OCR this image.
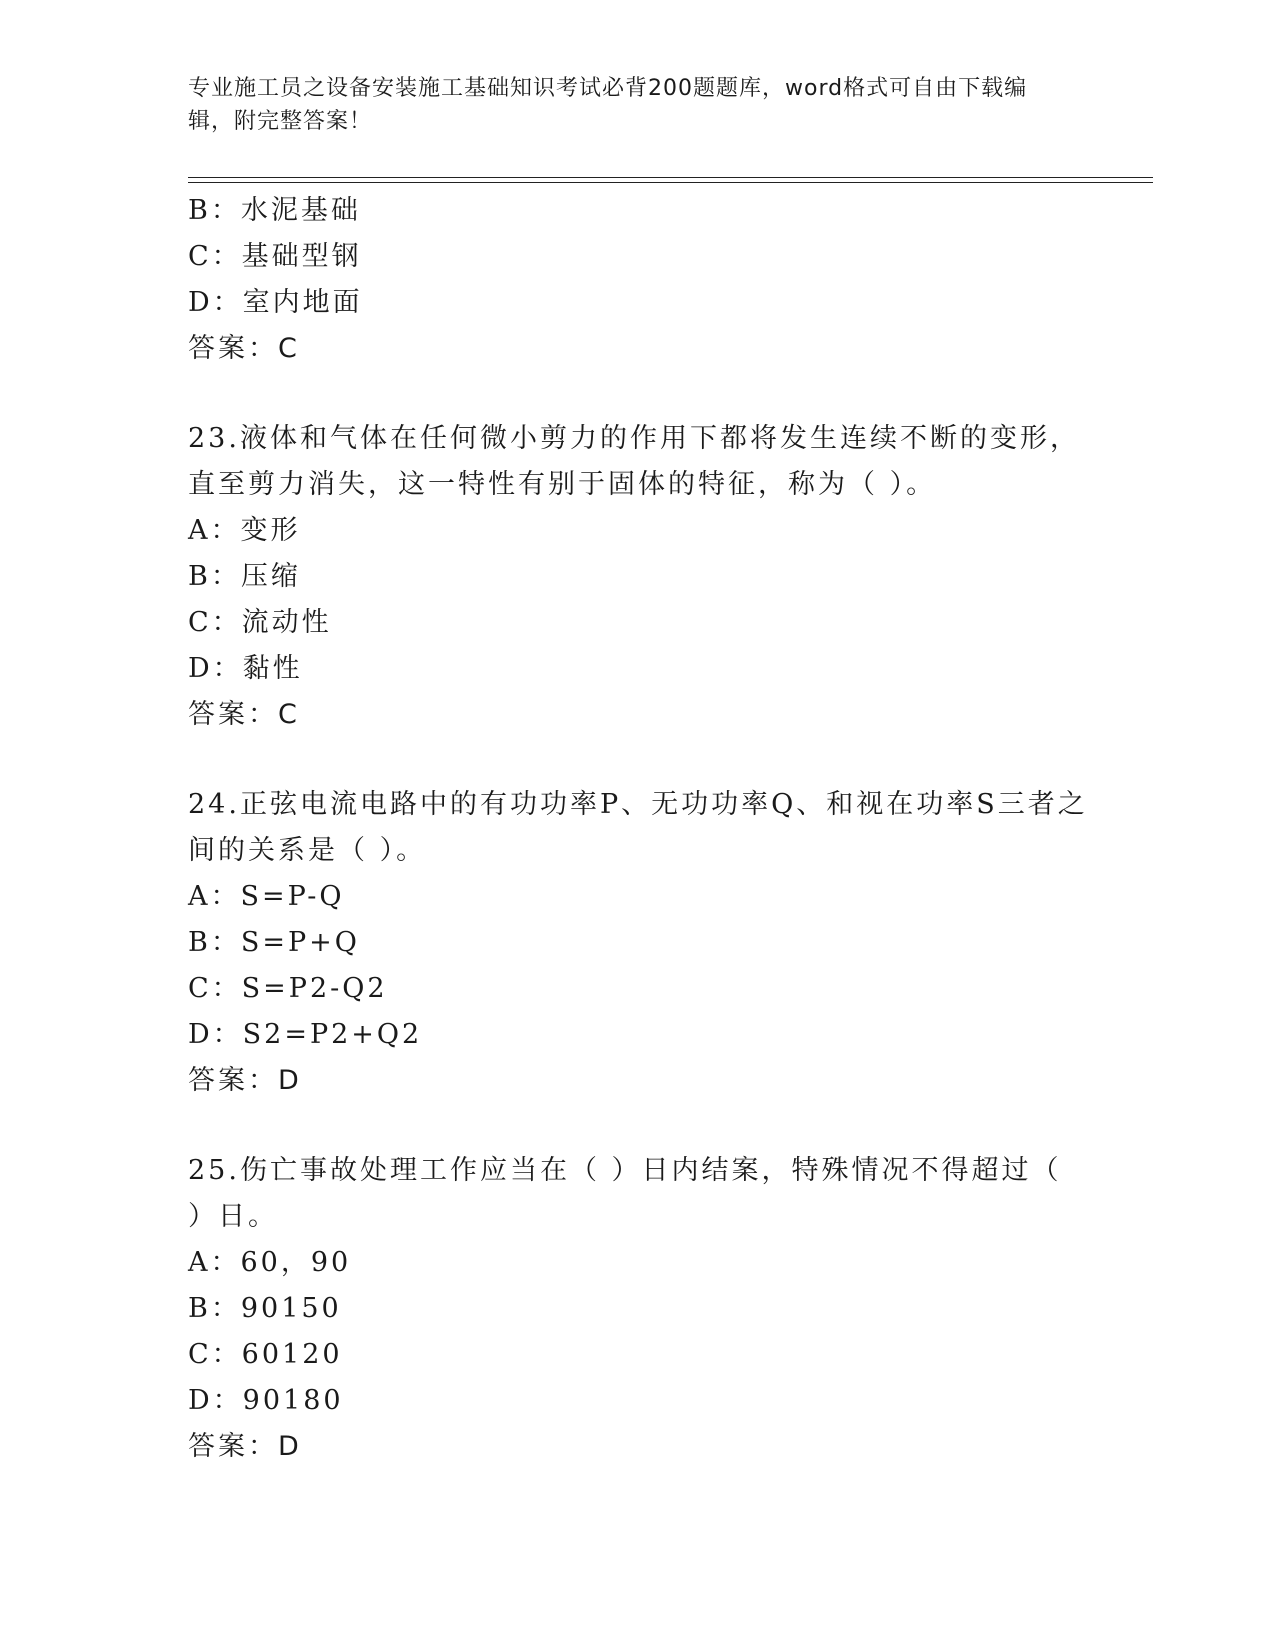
专业施工员之设备安装施工基础知识考试必背200题题库，word格式可自由下载编辑，附完整答案！
B：水泥基础
C：基础型钢
D：室内地面
答案：C
23.液体和气体在任何微小剪力的作用下都将发生连续不断的变形，直至剪力消失，这一特性有别于固体的特征，称为（ ）。
A：变形
B：压缩
C：流动性
D：黏性
答案：C
24.正弦电流电路中的有功功率P、无功功率Q、和视在功率S三者之间的关系是（ ）。
A：S=P-Q
B：S=P+Q
C：S=P2-Q2
D：S2=P2+Q2
答案：D
25.伤亡事故处理工作应当在（ ）日内结案，特殊情况不得超过（ ）日。
A：60，90
B：90150
C：60120
D：90180
答案：D
